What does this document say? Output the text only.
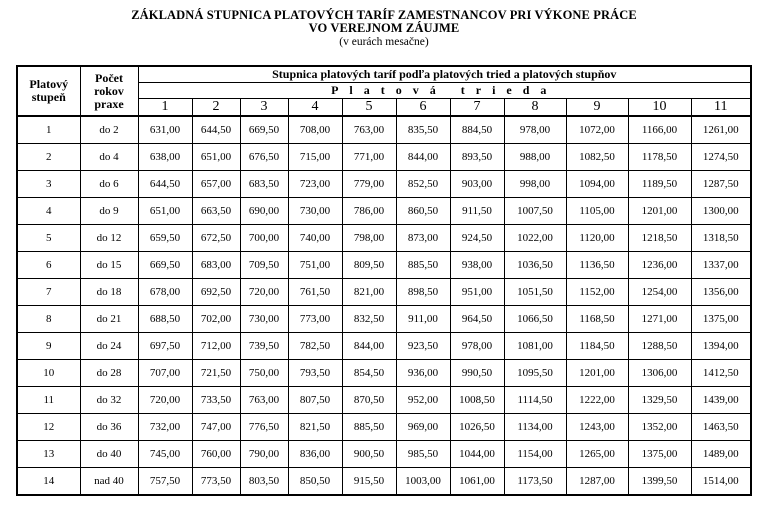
ZÁKLADNÁ STUPNICA PLATOVÝCH TARÍF ZAMESTNANCOV PRI VÝKONE PRÁCE
VO VEREJNOM ZÁUJME
(v eurách mesačne)
Platový stupeň	Počet rokov praxe	Stupnica platových taríf podľa platových tried a platových stupňov										
		Platová trieda										
		1	2	3	4	5	6	7	8	9	10	11
1	do 2	631,00	644,50	669,50	708,00	763,00	835,50	884,50	978,00	1072,00	1166,00	1261,00
2	do 4	638,00	651,00	676,50	715,00	771,00	844,00	893,50	988,00	1082,50	1178,50	1274,50
3	do 6	644,50	657,00	683,50	723,00	779,00	852,50	903,00	998,00	1094,00	1189,50	1287,50
4	do 9	651,00	663,50	690,00	730,00	786,00	860,50	911,50	1007,50	1105,00	1201,00	1300,00
5	do 12	659,50	672,50	700,00	740,00	798,00	873,00	924,50	1022,00	1120,00	1218,50	1318,50
6	do 15	669,50	683,00	709,50	751,00	809,50	885,50	938,00	1036,50	1136,50	1236,00	1337,00
7	do 18	678,00	692,50	720,00	761,50	821,00	898,50	951,00	1051,50	1152,00	1254,00	1356,00
8	do 21	688,50	702,00	730,00	773,00	832,50	911,00	964,50	1066,50	1168,50	1271,00	1375,00
9	do 24	697,50	712,00	739,50	782,50	844,00	923,50	978,00	1081,00	1184,50	1288,50	1394,00
10	do 28	707,00	721,50	750,00	793,50	854,50	936,00	990,50	1095,50	1201,00	1306,00	1412,50
11	do 32	720,00	733,50	763,00	807,50	870,50	952,00	1008,50	1114,50	1222,00	1329,50	1439,00
12	do 36	732,00	747,00	776,50	821,50	885,50	969,00	1026,50	1134,00	1243,00	1352,00	1463,50
13	do 40	745,00	760,00	790,00	836,00	900,50	985,50	1044,00	1154,00	1265,00	1375,00	1489,00
14	nad 40	757,50	773,50	803,50	850,50	915,50	1003,00	1061,00	1173,50	1287,00	1399,50	1514,00
